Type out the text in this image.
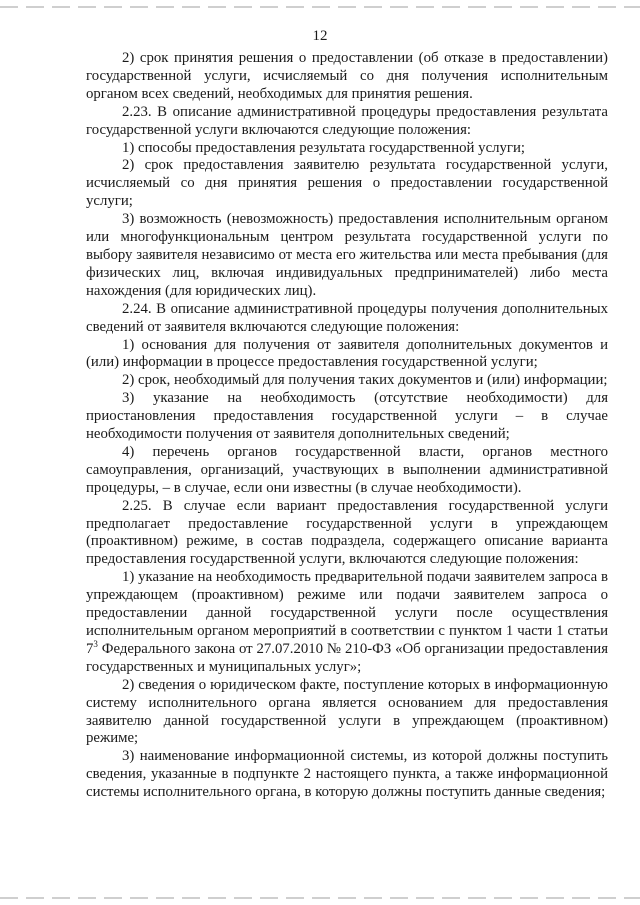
12

2) срок принятия решения о предоставлении (об отказе в предоставлении) государственной услуги, исчисляемый со дня получения исполнительным органом всех сведений, необходимых для принятия решения.

2.23. В описание административной процедуры предоставления результата государственной услуги включаются следующие положения:

1) способы предоставления результата государственной услуги;

2) срок предоставления заявителю результата государственной услуги, исчисляемый со дня принятия решения о предоставлении государственной услуги;

3) возможность (невозможность) предоставления исполнительным органом или многофункциональным центром результата государственной услуги по выбору заявителя независимо от места его жительства или места пребывания (для физических лиц, включая индивидуальных предпринимателей) либо места нахождения (для юридических лиц).

2.24. В описание административной процедуры получения дополнительных сведений от заявителя включаются следующие положения:

1) основания для получения от заявителя дополнительных документов и (или) информации в процессе предоставления государственной услуги;

2) срок, необходимый для получения таких документов и (или) информации;

3) указание на необходимость (отсутствие необходимости) для приостановления предоставления государственной услуги – в случае необходимости получения от заявителя дополнительных сведений;

4) перечень органов государственной власти, органов местного самоуправления, организаций, участвующих в выполнении административной процедуры, – в случае, если они известны (в случае необходимости).

2.25. В случае если вариант предоставления государственной услуги предполагает предоставление государственной услуги в упреждающем (проактивном) режиме, в состав подраздела, содержащего описание варианта предоставления государственной услуги, включаются следующие положения:

1) указание на необходимость предварительной подачи заявителем запроса в упреждающем (проактивном) режиме или подачи заявителем запроса о предоставлении данной государственной услуги после осуществления исполнительным органом мероприятий в соответствии с пунктом 1 части 1 статьи $7^3$ Федерального закона от 27.07.2010 № 210-ФЗ «Об организации предоставления государственных и муниципальных услуг»;

2) сведения о юридическом факте, поступление которых в информационную систему исполнительного органа является основанием для предоставления заявителю данной государственной услуги в упреждающем (проактивном) режиме;

3) наименование информационной системы, из которой должны поступить сведения, указанные в подпункте 2 настоящего пункта, а также информационной системы исполнительного органа, в которую должны поступить данные сведения;
